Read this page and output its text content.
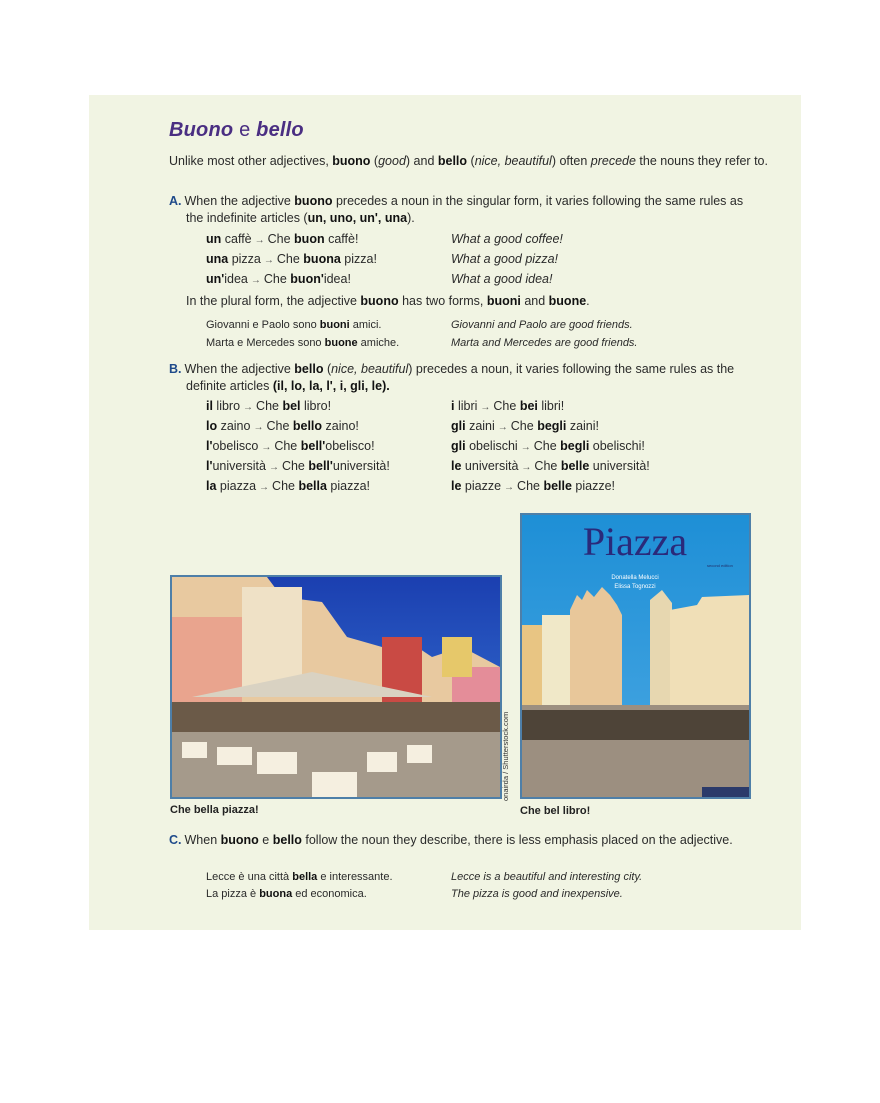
Buono e bello
Unlike most other adjectives, buono (good) and bello (nice, beautiful) often precede the nouns they refer to.
A. When the adjective buono precedes a noun in the singular form, it varies following the same rules as the indefinite articles (un, uno, un', una).
un caffè → Che buon caffè!	What a good coffee!
una pizza → Che buona pizza!	What a good pizza!
un'idea → Che buon'idea!	What a good idea!
In the plural form, the adjective buono has two forms, buoni and buone.
Giovanni e Paolo sono buoni amici.	Giovanni and Paolo are good friends.
Marta e Mercedes sono buone amiche.	Marta and Mercedes are good friends.
B. When the adjective bello (nice, beautiful) precedes a noun, it varies following the same rules as the definite articles (il, lo, la, l', i, gli, le).
il libro → Che bel libro!	i libri → Che bei libri!
lo zaino → Che bello zaino!	gli zaini → Che begli zaini!
l'obelisco → Che bell'obelisco!	gli obelischi → Che begli obelischi!
l'università → Che bell'università!	le università → Che belle università!
la piazza → Che bella piazza!	le piazze → Che belle piazze!
onairda / Shutterstock.com
Che bella piazza!
Piazza
second edition
Donatella Melucci
Elissa Tognozzi
Che bel libro!
C. When buono e bello follow the noun they describe, there is less emphasis placed on the adjective.
Lecce è una città bella e interessante.	Lecce is a beautiful and interesting city.
La pizza è buona ed economica.	The pizza is good and inexpensive.
